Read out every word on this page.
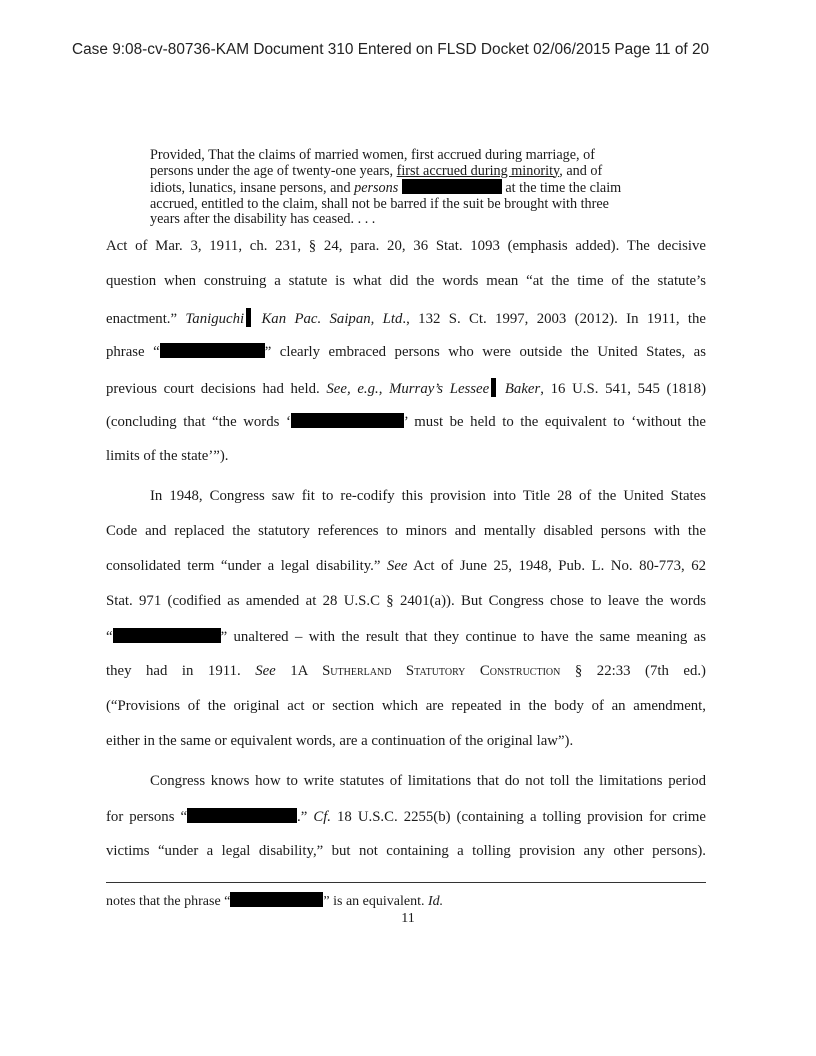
Case 9:08-cv-80736-KAM Document 310 Entered on FLSD Docket 02/06/2015 Page 11 of 20
Provided, That the claims of married women, first accrued during marriage, of
persons under the age of twenty-one years, first accrued during minority, and of
idiots, lunatics, insane persons, and persons	at the time the claim
accrued, entitled to the claim, shall not be barred if the suit be brought with three
years after the disability has ceased. . . .
Act of Mar. 3, 1911, ch. 231, § 24, para. 20, 36 Stat. 1093 (emphasis added). The decisive
question when construing a statute is what did the words mean “at the time of the statute’s
enactment.” Taniguchi Kan Pac. Saipan, Ltd., 132 S. Ct. 1997, 2003 (2012). In 1911, the
phrase “	” clearly embraced persons who were outside the United States, as
previous court decisions had held. See, e.g., Murray’s Lessee Baker, 16 U.S. 541, 545 (1818)
(concluding that “the words ‘	’ must be held to the equivalent to ‘without the
limits of the state’”).
In 1948, Congress saw fit to re-codify this provision into Title 28 of the United States
Code and replaced the statutory references to minors and mentally disabled persons with the
consolidated term “under a legal disability.” See Act of June 25, 1948, Pub. L. No. 80-773, 62
Stat. 971 (codified as amended at 28 U.S.C § 2401(a)). But Congress chose to leave the words
“	” unaltered – with the result that they continue to have the same meaning as
they had in 1911. See 1A Sutherland Statutory Construction § 22:33 (7th ed.)
(“Provisions of the original act or section which are repeated in the body of an amendment,
either in the same or equivalent words, are a continuation of the original law”).
Congress knows how to write statutes of limitations that do not toll the limitations period
for persons “	.” Cf. 18 U.S.C. 2255(b) (containing a tolling provision for crime
victims “under a legal disability,” but not containing a tolling provision any other persons).
notes that the phrase “	” is an equivalent. Id.
11
